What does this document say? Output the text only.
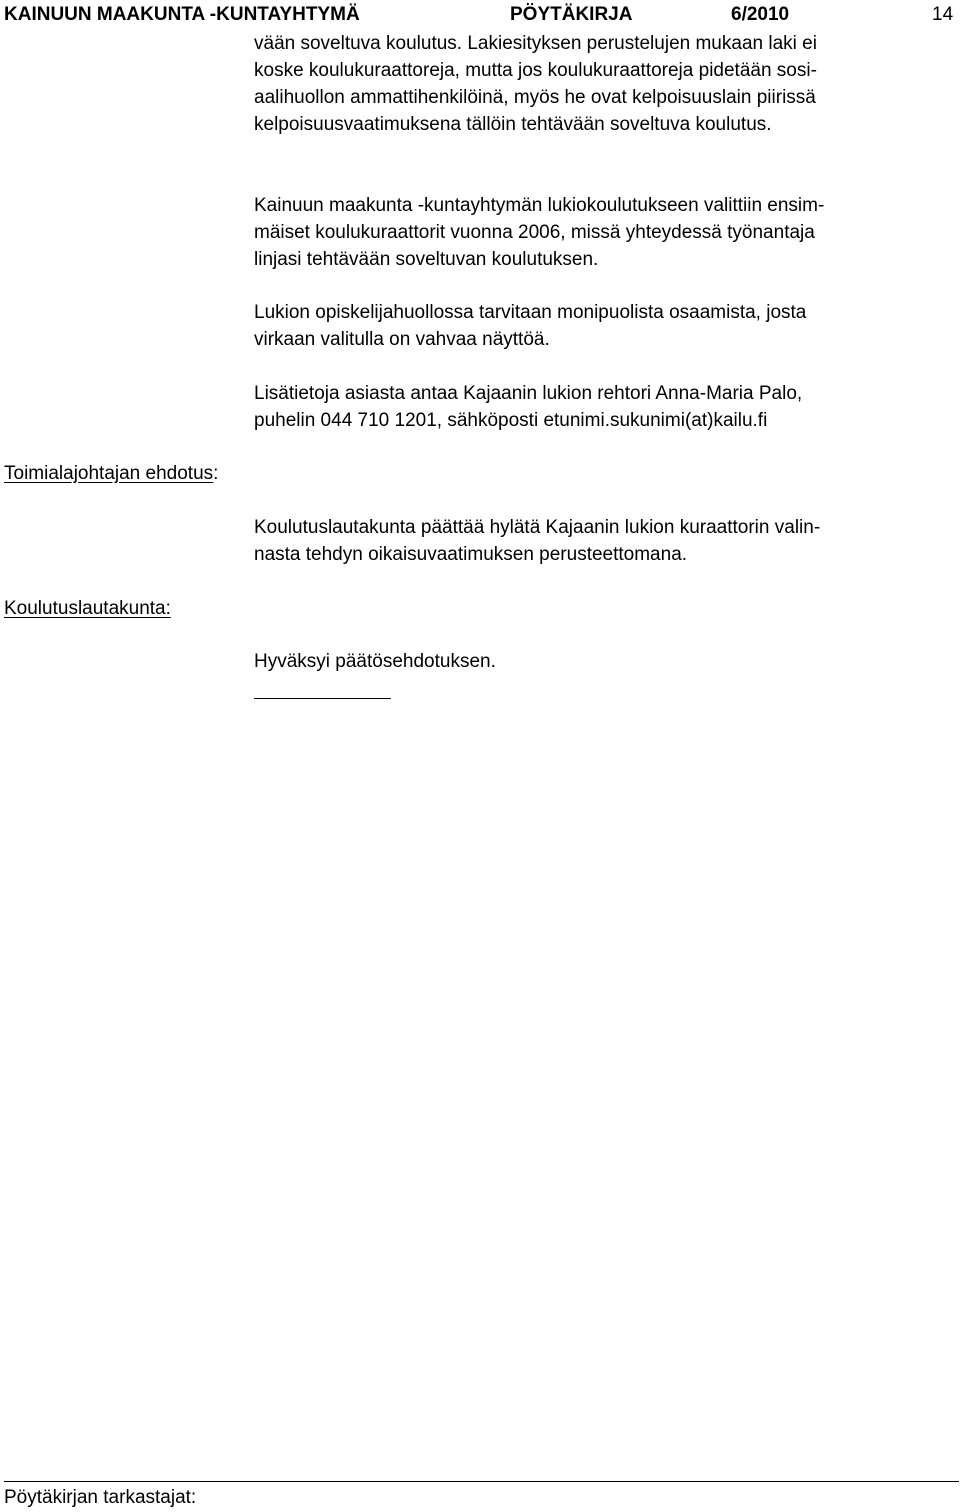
KAINUUN MAAKUNTA -KUNTAYHTYMÄ	PÖYTÄKIRJA	6/2010	14

vään soveltuva koulutus. Lakiesityksen perustelujen mukaan laki ei

koske koulukuraattoreja, mutta jos koulukuraattoreja pidetään sosi-

aalihuollon ammattihenkilöinä, myös he ovat kelpoisuuslain piirissä

kelpoisuusvaatimuksena tällöin tehtävään soveltuva koulutus.

Kainuun maakunta -kuntayhtymän lukiokoulutukseen valittiin ensim-

mäiset koulukuraattorit vuonna 2006, missä yhteydessä työnantaja

linjasi tehtävään soveltuvan koulutuksen.

Lukion opiskelijahuollossa tarvitaan monipuolista osaamista, josta

virkaan valitulla on vahvaa näyttöä.

Lisätietoja asiasta antaa Kajaanin lukion rehtori Anna-Maria Palo,

puhelin 044 710 1201, sähköposti etunimi.sukunimi(at)kailu.fi

Toimialajohtajan ehdotus:

Koulutuslautakunta päättää hylätä Kajaanin lukion kuraattorin valin-

nasta tehdyn oikaisuvaatimuksen perusteettomana.

Koulutuslautakunta:

Hyväksyi päätösehdotuksen.

Pöytäkirjan tarkastajat:
